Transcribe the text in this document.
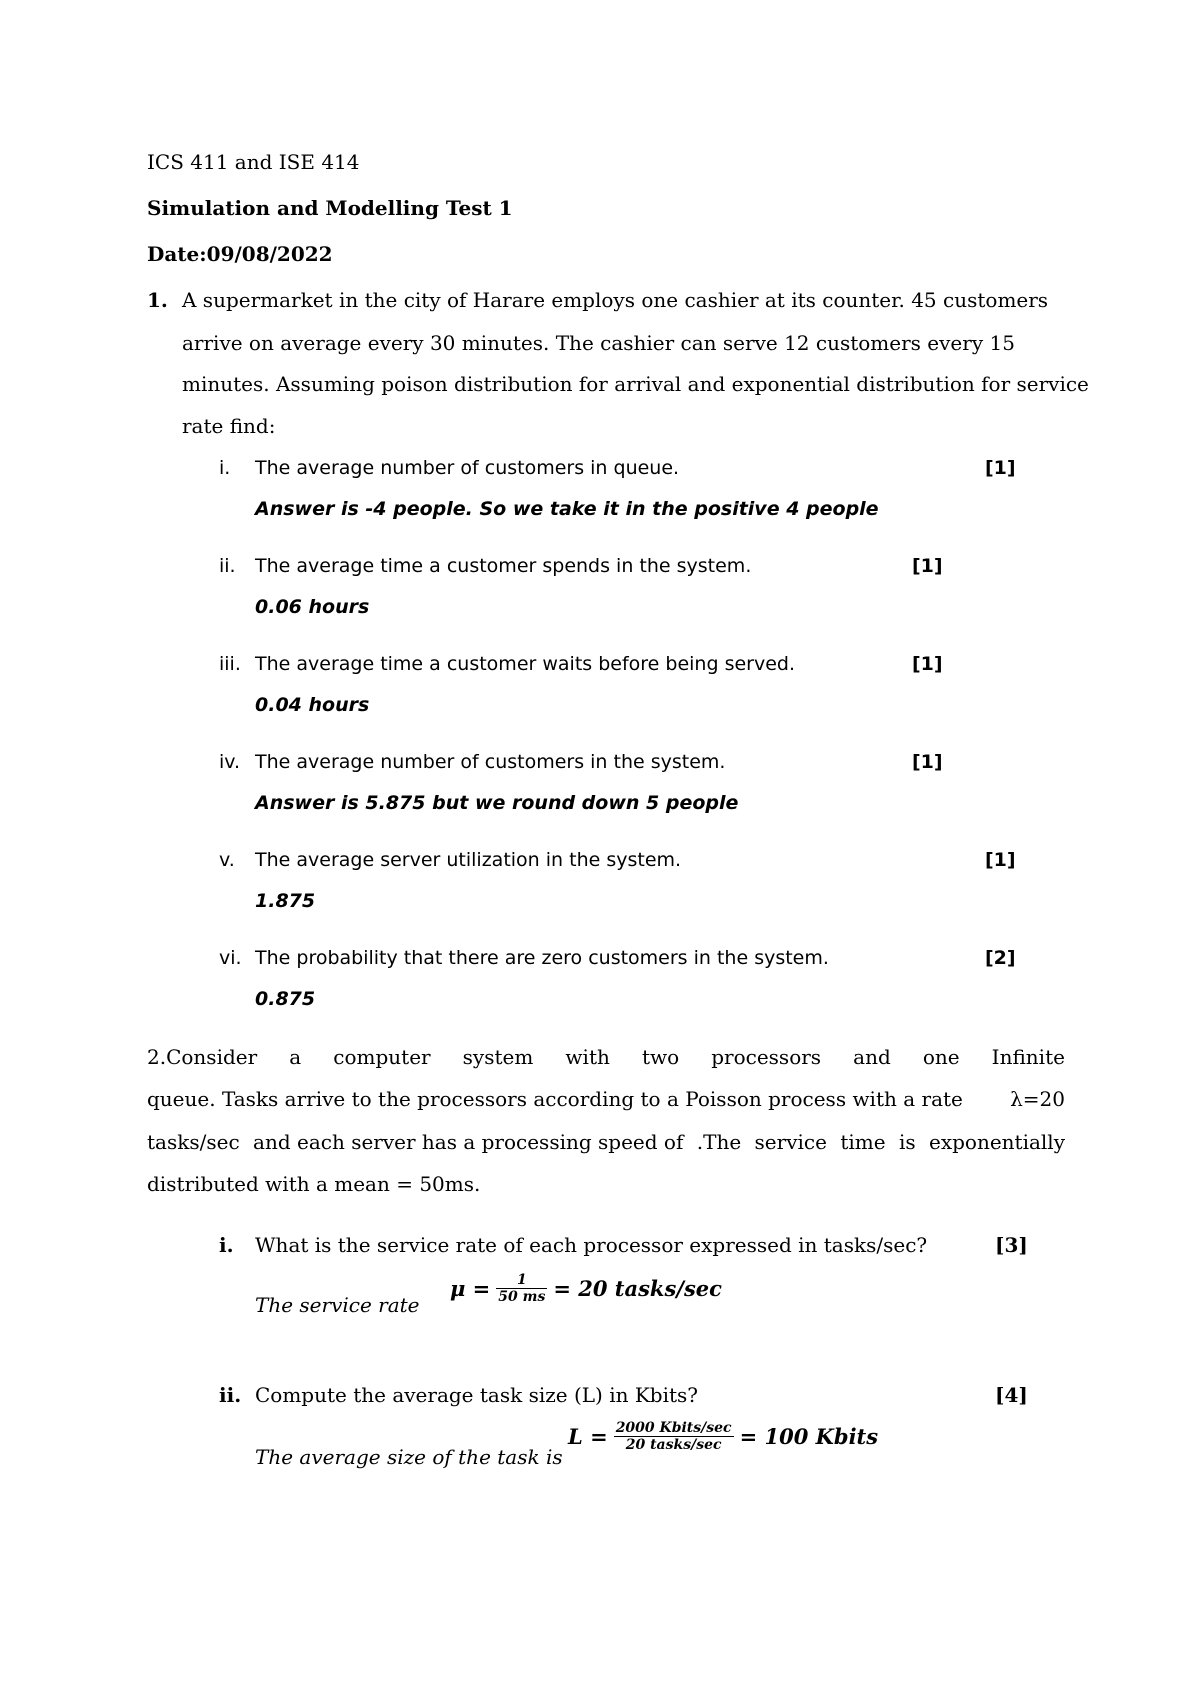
ICS 411 and ISE 414
Simulation and Modelling Test 1
Date:09/08/2022
1. A supermarket in the city of Harare employs one cashier at its counter. 45 customers
arrive on average every 30 minutes. The cashier can serve 12 customers every 15
minutes. Assuming poison distribution for arrival and exponential distribution for service
rate find:
i. The average number of customers in queue.	[1]
Answer is -4 people. So we take it in the positive 4 people
ii. The average time a customer spends in the system.	[1]
0.06 hours
iii. The average time a customer waits before being served.	[1]
0.04 hours
iv. The average number of customers in the system.	[1]
Answer is 5.875 but we round down 5 people
v. The average server utilization in the system.	[1]
1.875
vi. The probability that there are zero customers in the system.	[2]
0.875
2.Consider a computer system with two processors and one Infinite
queue. Tasks arrive to the processors according to a Poisson process with a rate λ=20
tasks/sec and each server has a processing speed of .The service time is exponentially
distributed with a mean = 50ms.
i. What is the service rate of each processor expressed in tasks/sec?	[3]
The service rate
$\mu = \frac{1}{50 ms} = 20$ tasks/sec
ii. Compute the average task size (L) in Kbits?	[4]
The average size of the task is
$L = \frac{\text{2000 Kbits/sec}}{\text{20 tasks/sec}} = 100$ Kbits
